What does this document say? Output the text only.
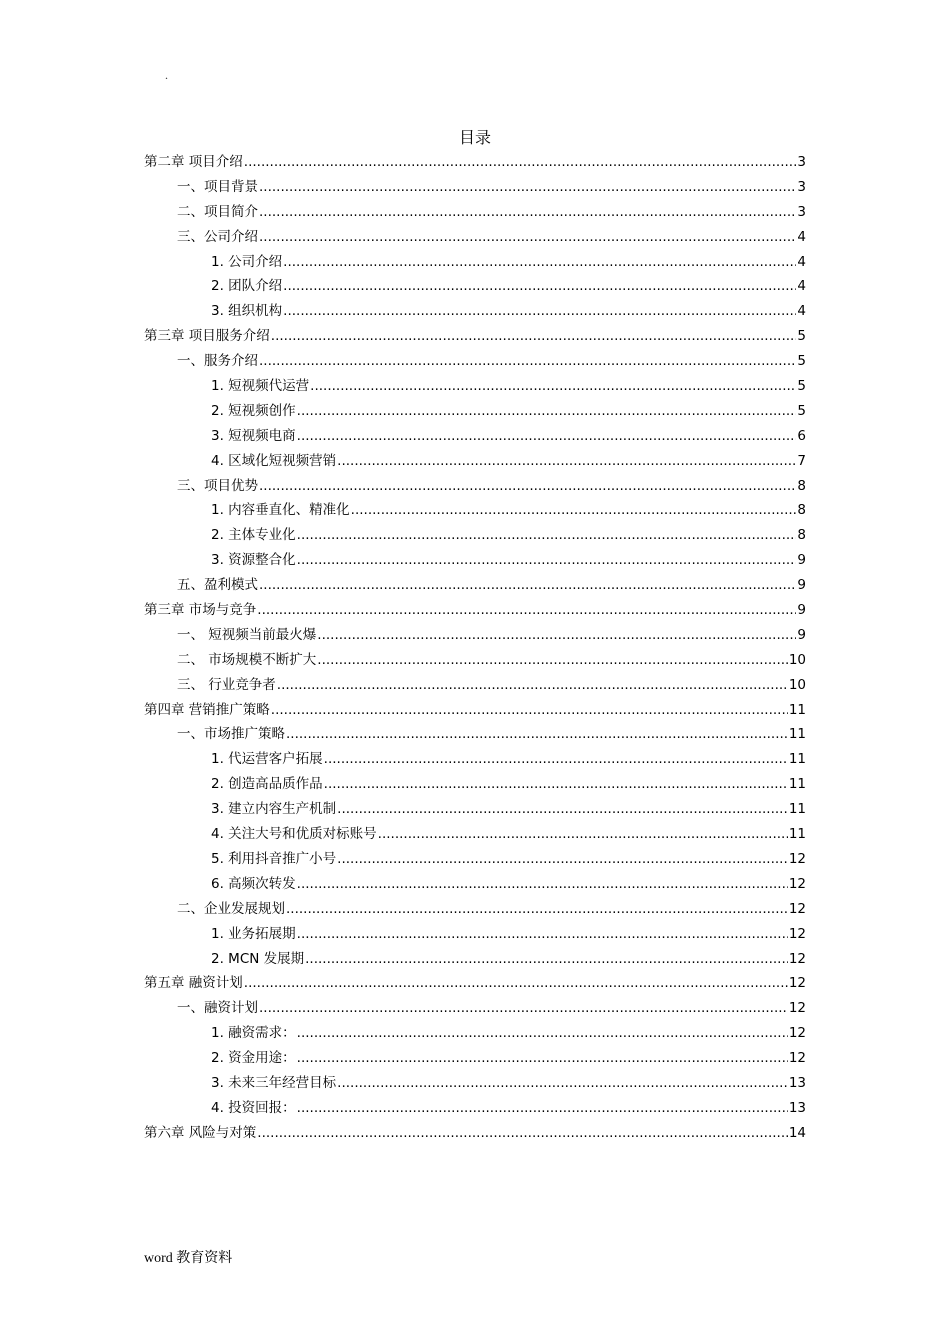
.
目录
第二章 项目介绍 .....	3
一、项目背景 .....	3
二、项目简介 .....	3
三、公司介绍 .....	4
1. 公司介绍 .....	4
2. 团队介绍 .....	4
3. 组织机构 .....	4
第三章 项目服务介绍 .....	5
一、服务介绍 .....	5
1. 短视频代运营 .....	5
2. 短视频创作 .....	5
3. 短视频电商 .....	6
4. 区域化短视频营销 .....	7
三、项目优势 .....	8
1. 内容垂直化、精准化 .....	8
2. 主体专业化 .....	8
3. 资源整合化 .....	9
五、盈利模式 .....	9
第三章 市场与竞争 .....	9
一、 短视频当前最火爆 .....	9
二、 市场规模不断扩大 .....	10
三、 行业竞争者 .....	10
第四章 营销推广策略 .....	11
一、市场推广策略 .....	11
1. 代运营客户拓展 .....	11
2. 创造高品质作品 .....	11
3. 建立内容生产机制 .....	11
4. 关注大号和优质对标账号 .....	11
5. 利用抖音推广小号 .....	12
6. 高频次转发 .....	12
二、企业发展规划 .....	12
1. 业务拓展期 .....	12
2. MCN 发展期 .....	12
第五章 融资计划 .....	12
一、融资计划 .....	12
1. 融资需求： .....	12
2. 资金用途： .....	12
3. 未来三年经营目标 .....	13
4. 投资回报： .....	13
第六章 风险与对策 .....	14
word 教育资料
